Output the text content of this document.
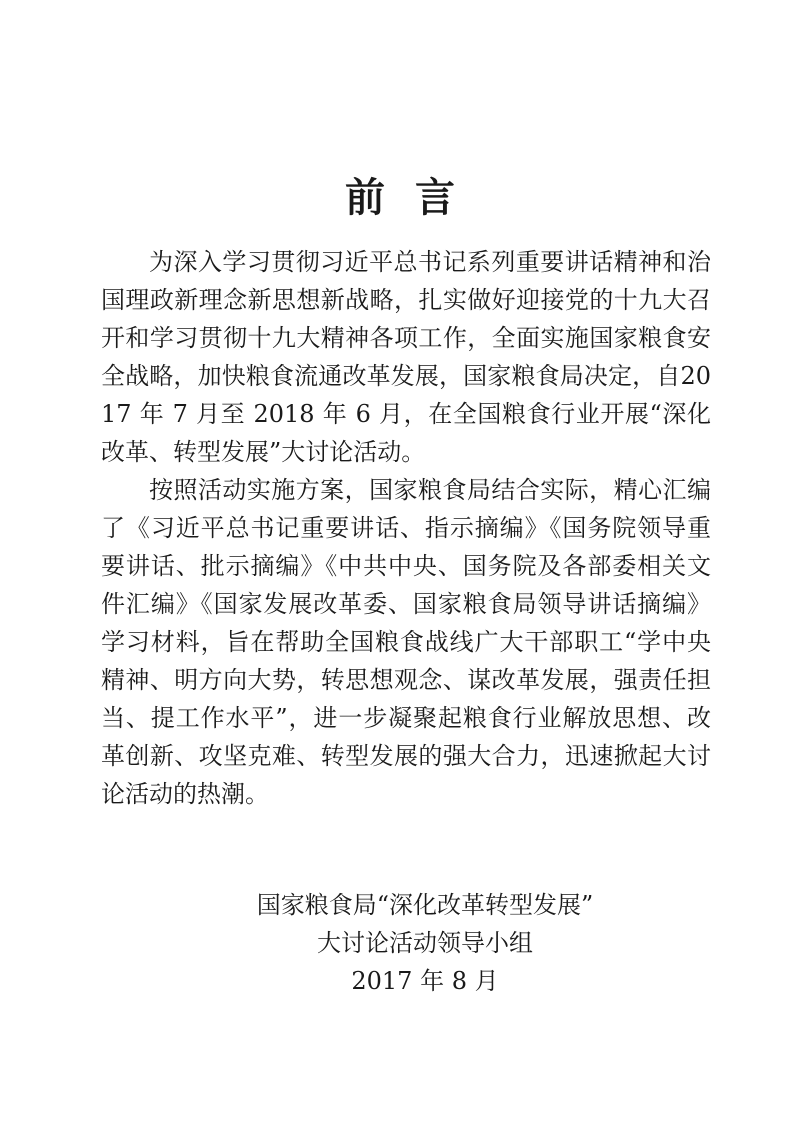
前言

为深入学习贯彻习近平总书记系列重要讲话精神和治国理政新理念新思想新战略，扎实做好迎接党的十九大召开和学习贯彻十九大精神各项工作，全面实施国家粮食安全战略，加快粮食流通改革发展，国家粮食局决定，自2017 年 7 月至 2018 年 6 月，在全国粮食行业开展“深化改革、转型发展”大讨论活动。

按照活动实施方案，国家粮食局结合实际，精心汇编了《习近平总书记重要讲话、指示摘编》《国务院领导重要讲话、批示摘编》《中共中央、国务院及各部委相关文件汇编》《国家发展改革委、国家粮食局领导讲话摘编》学习材料，旨在帮助全国粮食战线广大干部职工“学中央精神、明方向大势，转思想观念、谋改革发展，强责任担当、提工作水平”，进一步凝聚起粮食行业解放思想、改革创新、攻坚克难、转型发展的强大合力，迅速掀起大讨论活动的热潮。

国家粮食局“深化改革转型发展”

大讨论活动领导小组

2017 年 8 月
